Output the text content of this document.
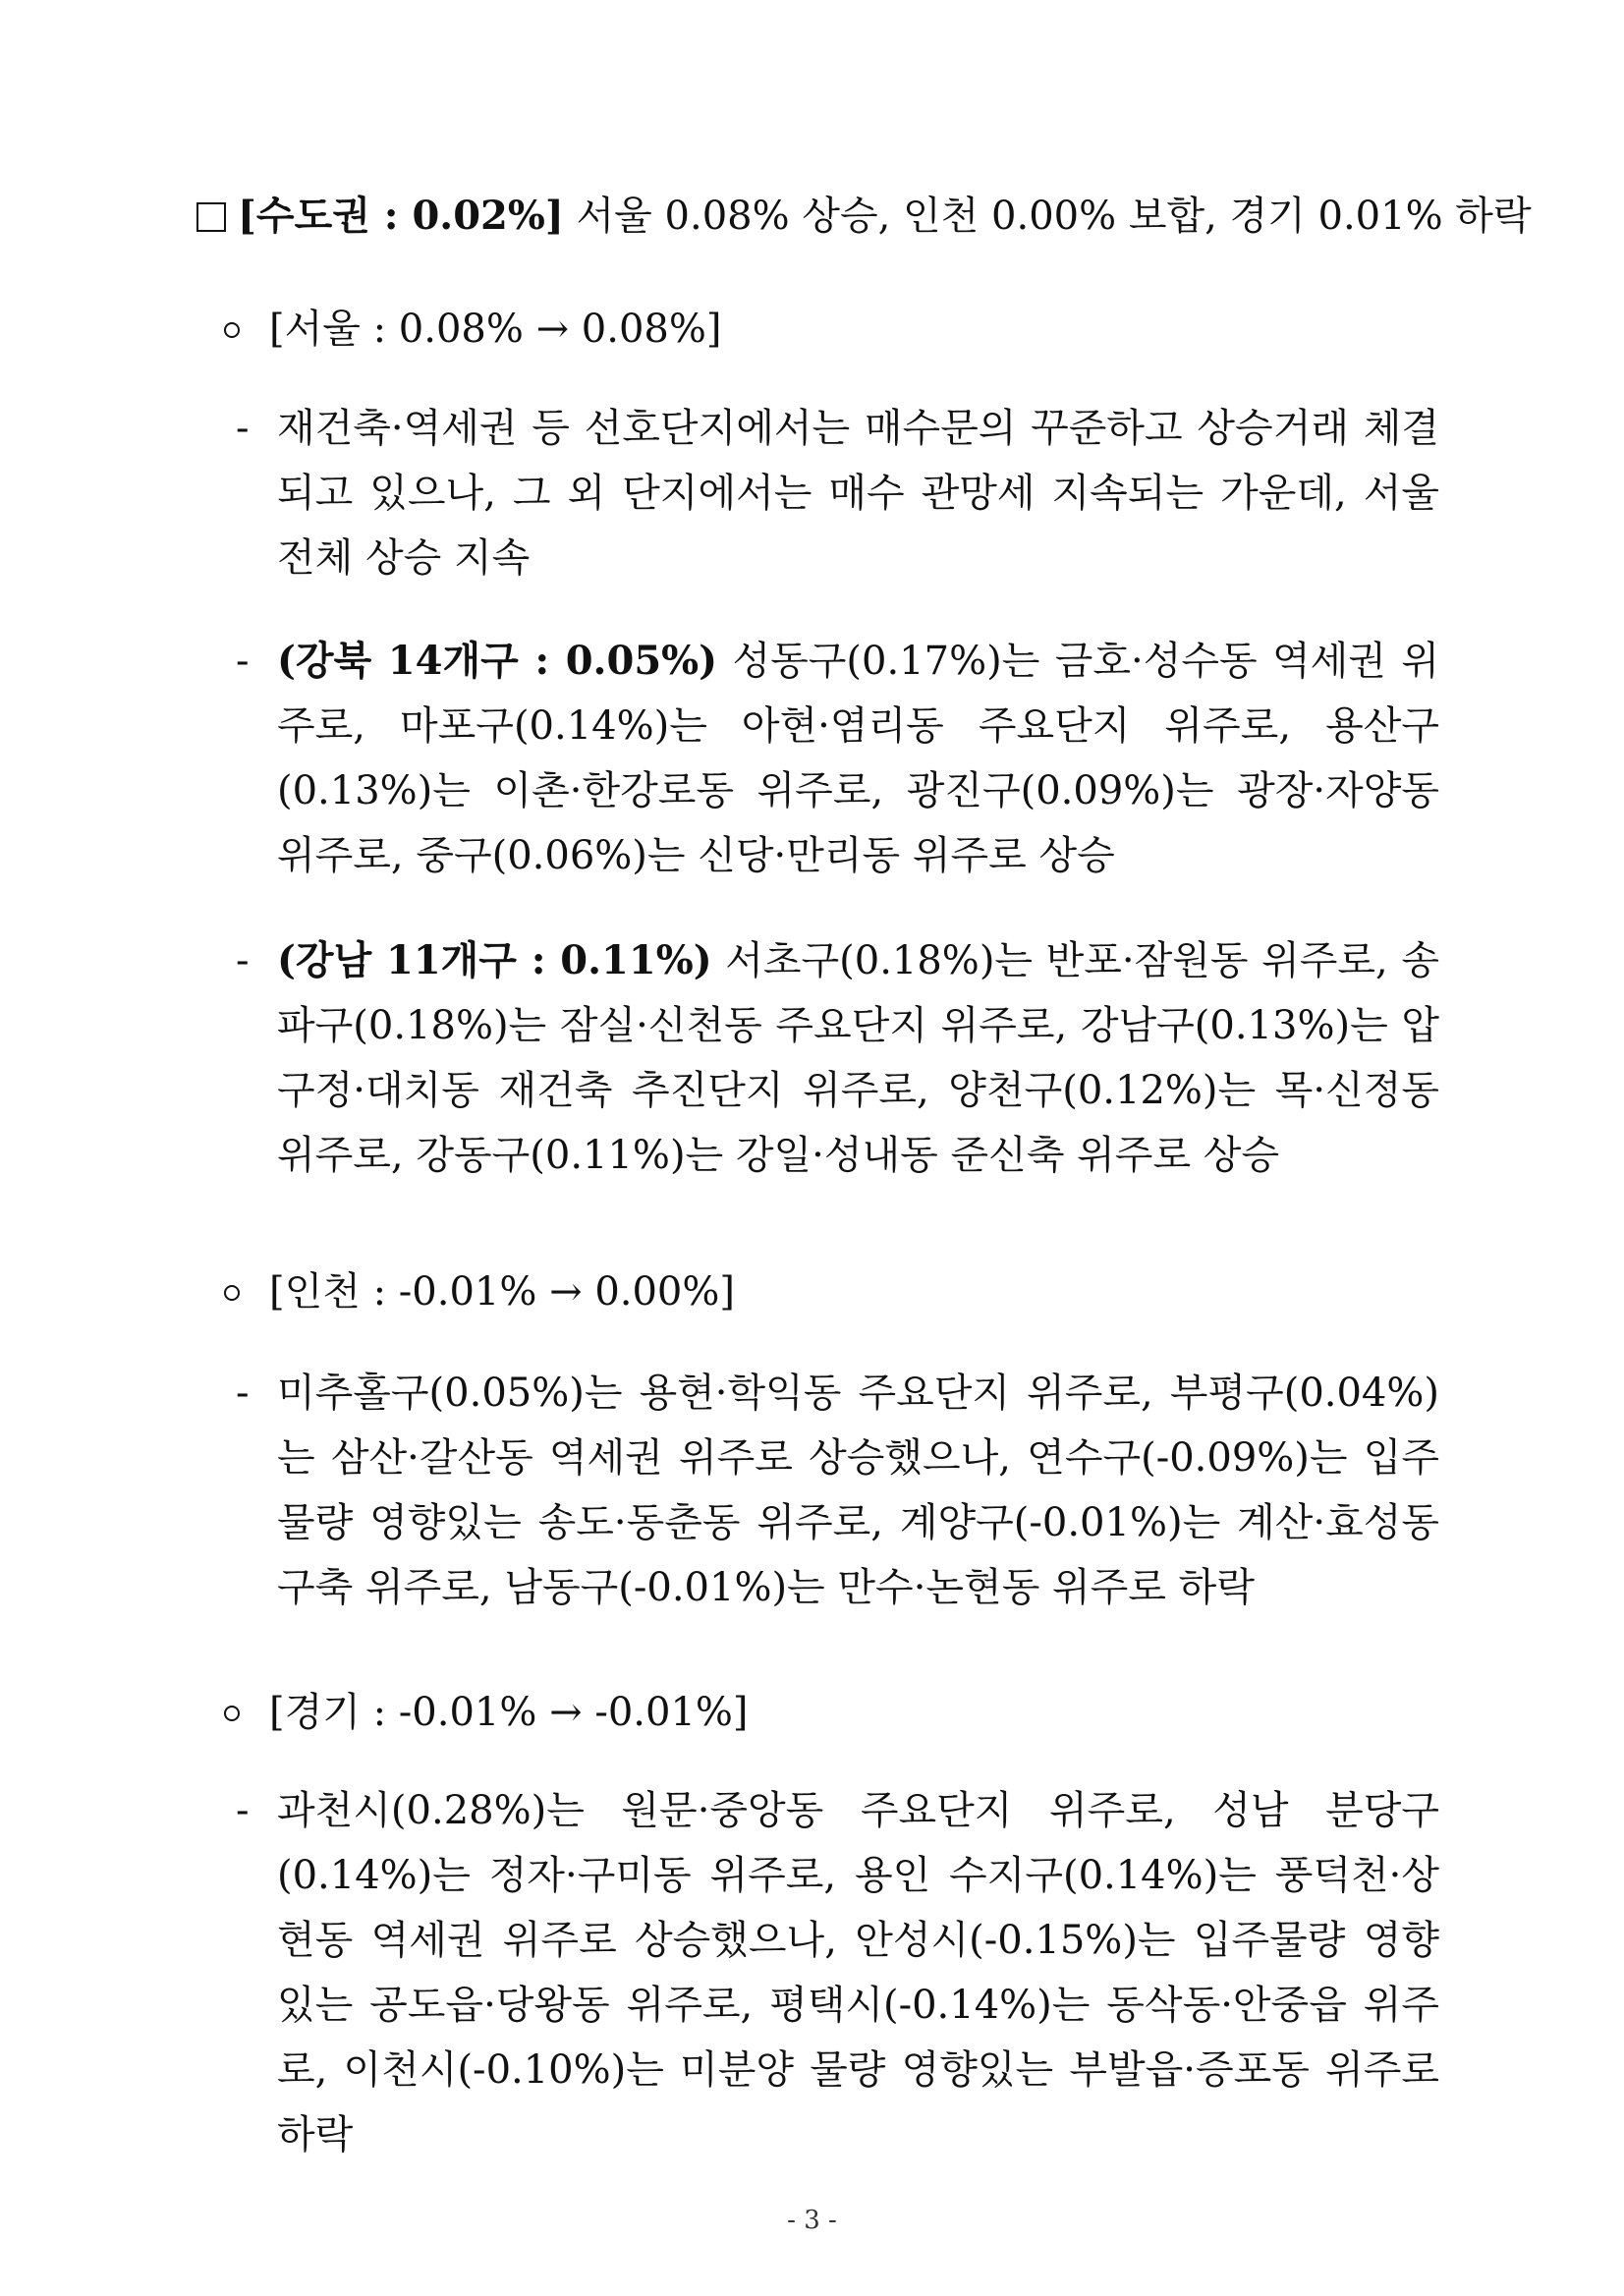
[수도권 : 0.02%] 서울 0.08% 상승, 인천 0.00% 보합, 경기 0.01% 하락
[서울 : 0.08% → 0.08%]
- 재건축·역세권 등 선호단지에서는 매수문의 꾸준하고 상승거래 체결되고 있으나, 그 외 단지에서는 매수 관망세 지속되는 가운데, 서울 전체 상승 지속
- (강북 14개구 : 0.05%) 성동구(0.17%)는 금호·성수동 역세권 위주로, 마포구(0.14%)는 아현·염리동 주요단지 위주로, 용산구(0.13%)는 이촌·한강로동 위주로, 광진구(0.09%)는 광장·자양동 위주로, 중구(0.06%)는 신당·만리동 위주로 상승
- (강남 11개구 : 0.11%) 서초구(0.18%)는 반포·잠원동 위주로, 송파구(0.18%)는 잠실·신천동 주요단지 위주로, 강남구(0.13%)는 압구정·대치동 재건축 추진단지 위주로, 양천구(0.12%)는 목·신정동 위주로, 강동구(0.11%)는 강일·성내동 준신축 위주로 상승
[인천 : -0.01% → 0.00%]
- 미추홀구(0.05%)는 용현·학익동 주요단지 위주로, 부평구(0.04%)는 삼산·갈산동 역세권 위주로 상승했으나, 연수구(-0.09%)는 입주물량 영향있는 송도·동춘동 위주로, 계양구(-0.01%)는 계산·효성동 구축 위주로, 남동구(-0.01%)는 만수·논현동 위주로 하락
[경기 : -0.01% → -0.01%]
- 과천시(0.28%)는 원문·중앙동 주요단지 위주로, 성남 분당구(0.14%)는 정자·구미동 위주로, 용인 수지구(0.14%)는 풍덕천·상현동 역세권 위주로 상승했으나, 안성시(-0.15%)는 입주물량 영향있는 공도읍·당왕동 위주로, 평택시(-0.14%)는 동삭동·안중읍 위주로, 이천시(-0.10%)는 미분양 물량 영향있는 부발읍·증포동 위주로 하락
- 3 -
